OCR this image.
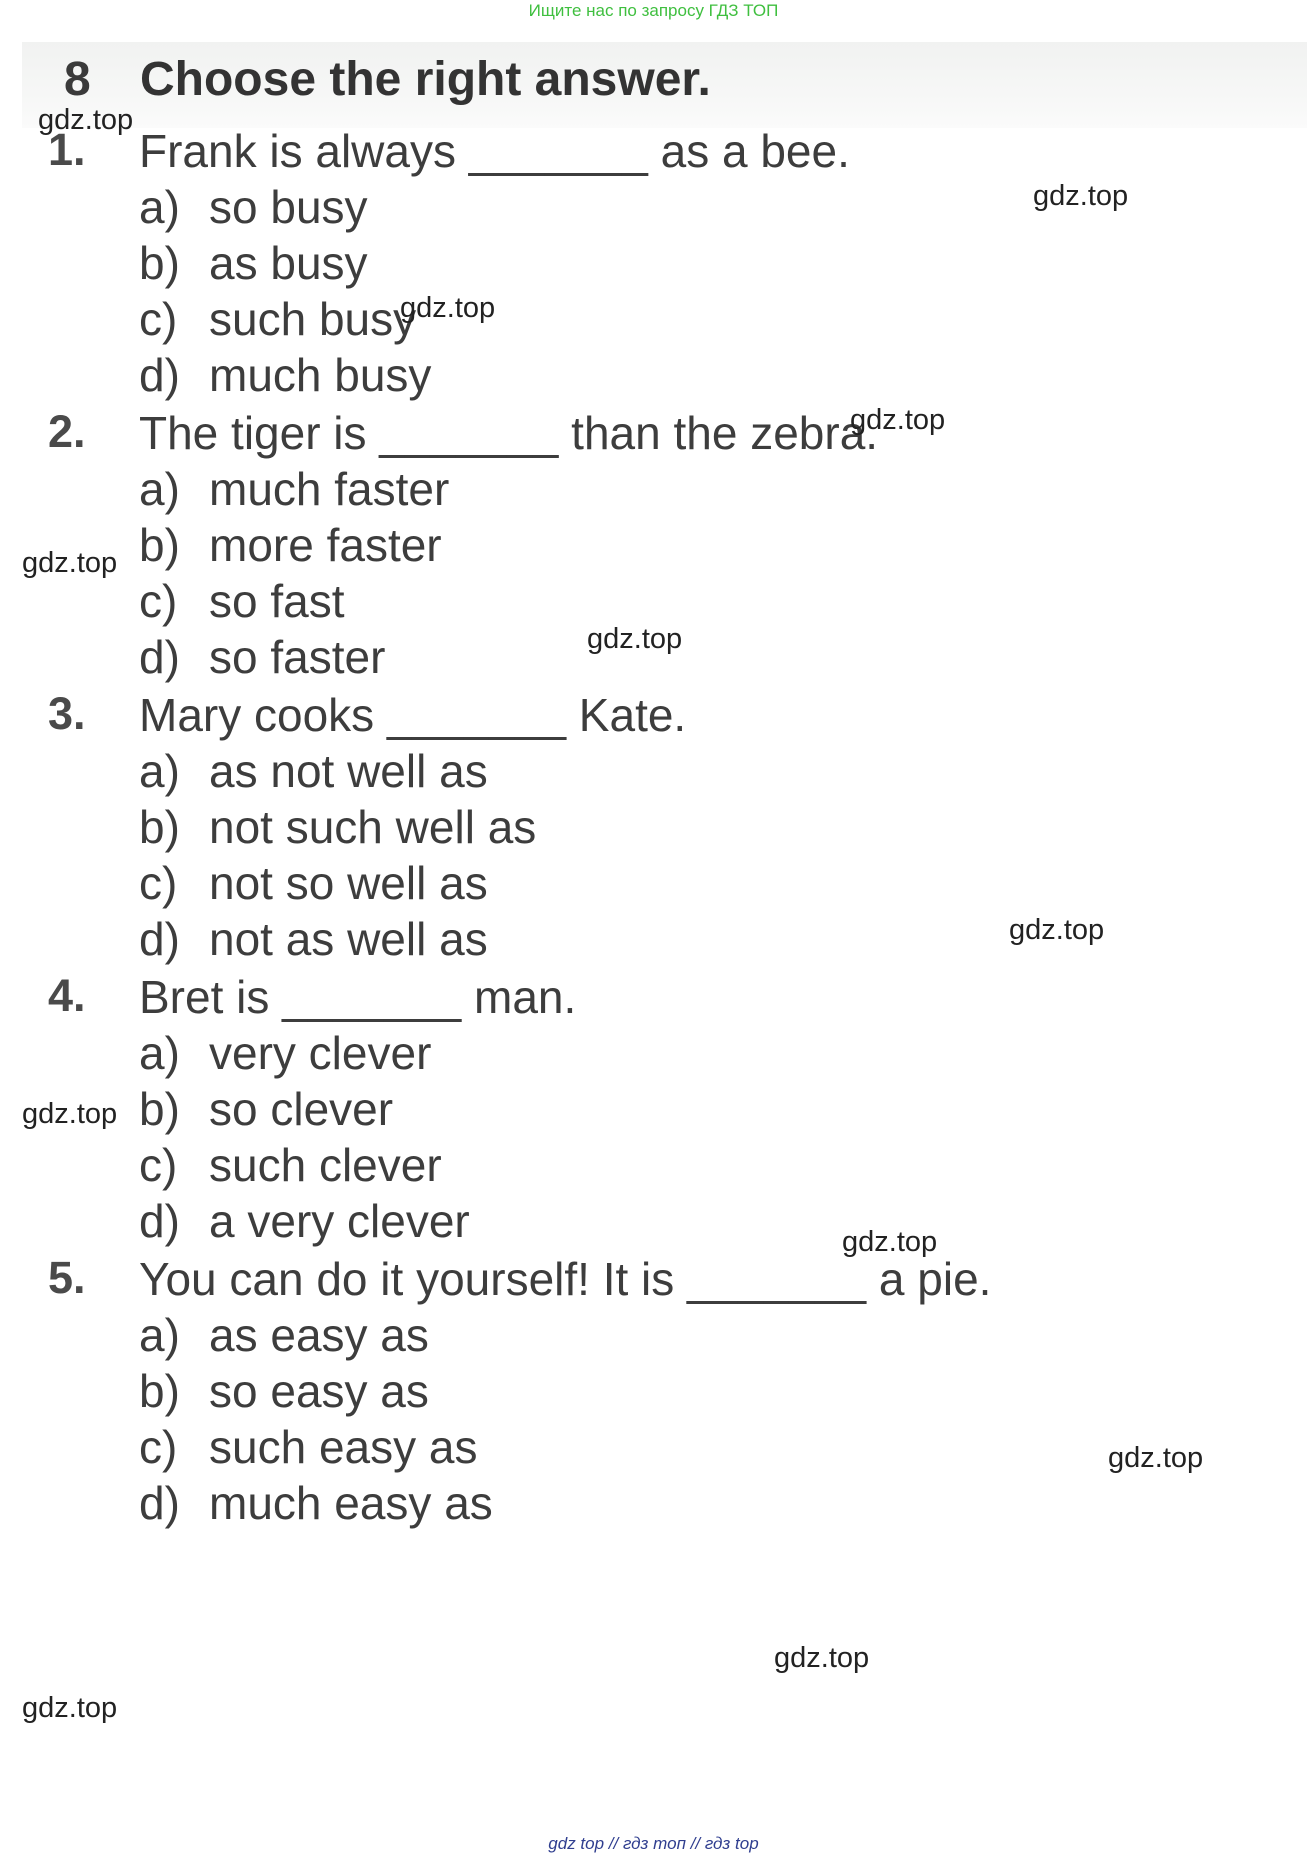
Ищите нас по запросу ГДЗ ТОП
8 Choose the right answer.
1. Frank is always _______ as a bee.
a) so busy
b) as busy
c) such busy
d) much busy
2. The tiger is _______ than the zebra.
a) much faster
b) more faster
c) so fast
d) so faster
3. Mary cooks _______ Kate.
a) as not well as
b) not such well as
c) not so well as
d) not as well as
4. Bret is _______ man.
a) very clever
b) so clever
c) such clever
d) a very clever
5. You can do it yourself! It is _______ a pie.
a) as easy as
b) so easy as
c) such easy as
d) much easy as
gdz.top
gdz.top
gdz.top
gdz.top
gdz.top
gdz.top
gdz.top
gdz.top
gdz.top
gdz.top
gdz.top
gdz.top
gdz top // гдз топ // гдз top
